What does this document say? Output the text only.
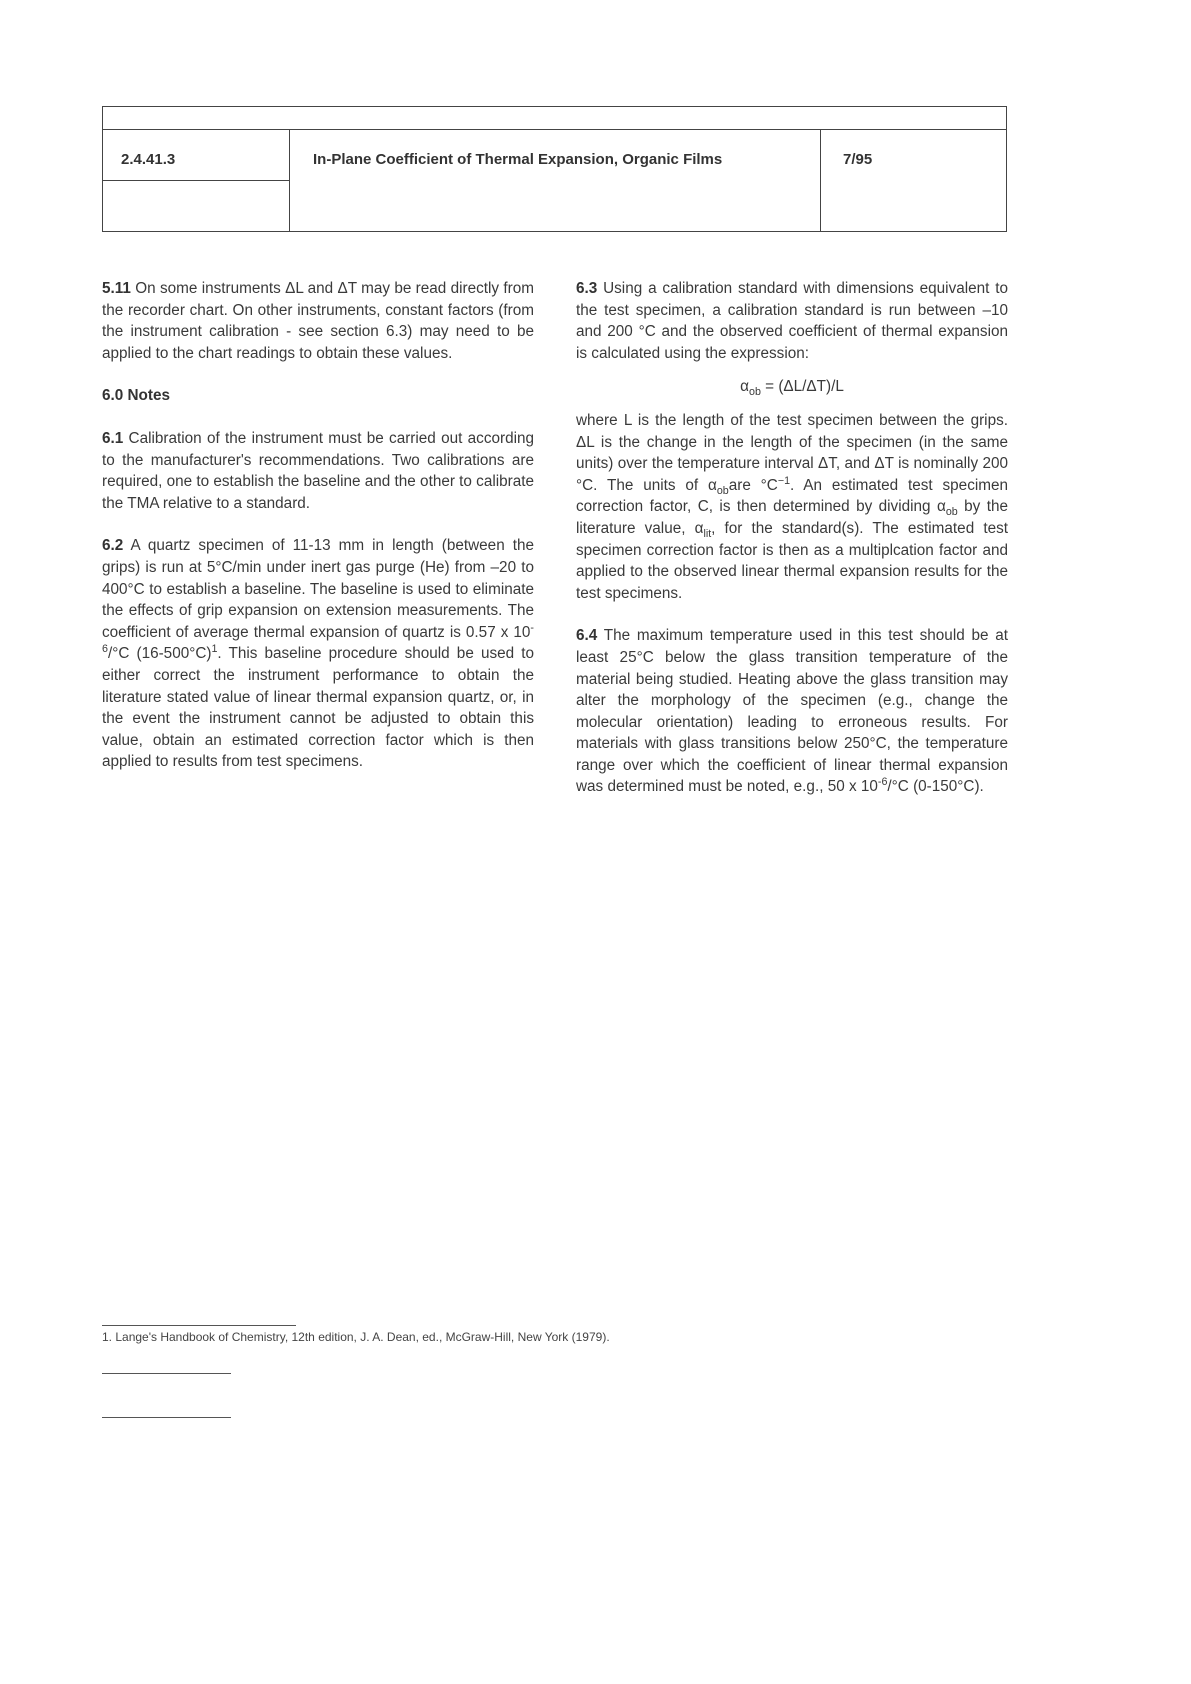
2.4.41.3	In-Plane Coefficient of Thermal Expansion, Organic Films	7/95

5.11 On some instruments ΔL and ΔT may be read directly from the recorder chart. On other instruments, constant factors (from the instrument calibration - see section 6.3) may need to be applied to the chart readings to obtain these values.

6.0 Notes

6.1 Calibration of the instrument must be carried out according to the manufacturer's recommendations. Two calibrations are required, one to establish the baseline and the other to calibrate the TMA relative to a standard.

6.2 A quartz specimen of 11-13 mm in length (between the grips) is run at 5°C/min under inert gas purge (He) from –20 to 400°C to establish a baseline. The baseline is used to eliminate the effects of grip expansion on extension measurements. The coefficient of average thermal expansion of quartz is 0.57 x $10^{-6}/^\circ C$ $(16-500^\circ C)^1$. This baseline procedure should be used to either correct the instrument performance to obtain the literature stated value of linear thermal expansion quartz, or, in the event the instrument cannot be adjusted to obtain this value, obtain an estimated correction factor which is then applied to results from test specimens.

6.3 Using a calibration standard with dimensions equivalent to the test specimen, a calibration standard is run between –10 and 200 °C and the observed coefficient of thermal expansion is calculated using the expression:

$\alpha_{ob} = (\Delta L/\Delta T)/L$

where L is the length of the test specimen between the grips. ΔL is the change in the length of the specimen (in the same units) over the temperature interval ΔT, and ΔT is nominally 200 °C. The units of $\alpha_{ob}are$ $^\circ C^{-1}$. An estimated test specimen correction factor, C, is then determined by dividing $\alpha_{ob}$ by the literature value, $\alpha_{lit}$, for the standard(s). The estimated test specimen correction factor is then as a multiplcation factor and applied to the observed linear thermal expansion results for the test specimens.

6.4 The maximum temperature used in this test should be at least 25°C below the glass transition temperature of the material being studied. Heating above the glass transition may alter the morphology of the specimen (e.g., change the molecular orientation) leading to erroneous results. For materials with glass transitions below 250°C, the temperature range over which the coefficient of linear thermal expansion was determined must be noted, e.g., 50 x $10^{-6}/^\circ C$ (0-150°C).

1. Lange's Handbook of Chemistry, 12th edition, J. A. Dean, ed., McGraw-Hill, New York (1979).
